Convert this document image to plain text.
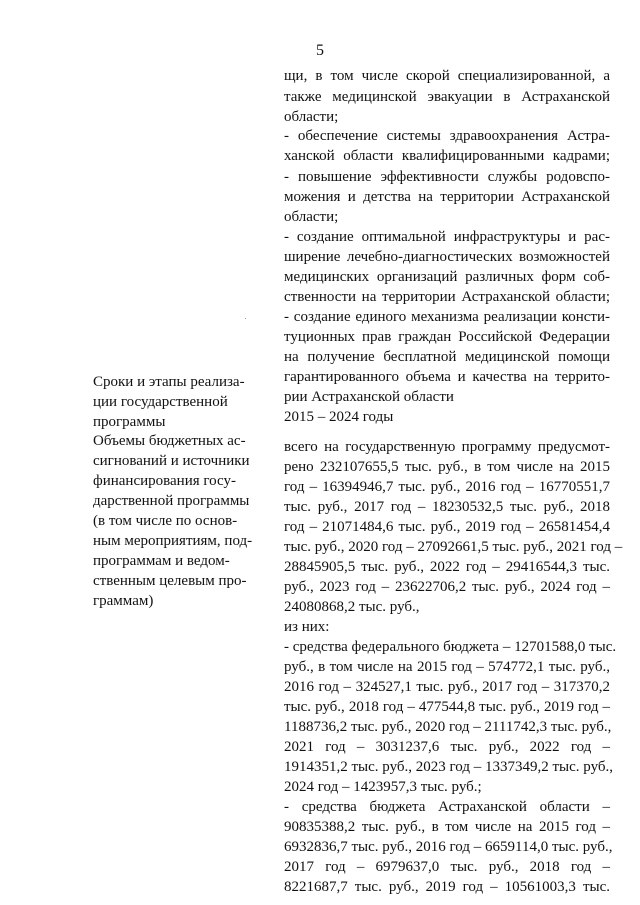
5
щи, в том числе скорой специализированной, а
также медицинской эвакуации в Астраханской
области;
- обеспечение системы здравоохранения Астра-
ханской области квалифицированными кадрами;
- повышение эффективности службы родовспо-
можения и детства на территории Астраханской
области;
- создание оптимальной инфраструктуры и рас-
ширение лечебно-диагностических возможностей
медицинских организаций различных форм соб-
ственности на территории Астраханской области;
- создание единого механизма реализации консти-
туционных прав граждан Российской Федерации
на получение бесплатной медицинской помощи
гарантированного объема и качества на террито-
рии Астраханской области
Сроки и этапы реализа-
ции государственной
программы	2015 – 2024 годы
Объемы бюджетных ас-
сигнований и источники
финансирования госу-
дарственной программы
(в том числе по основ-
ным мероприятиям, под-
программам и ведом-
ственным целевым про-
граммам)
всего на государственную программу предусмот-
рено 232107655,5 тыс. руб., в том числе на 2015
год – 16394946,7 тыс. руб., 2016 год – 16770551,7
тыс. руб., 2017 год – 18230532,5 тыс. руб., 2018
год – 21071484,6 тыс. руб., 2019 год – 26581454,4
тыс. руб., 2020 год – 27092661,5 тыс. руб., 2021 год –
28845905,5 тыс. руб., 2022 год – 29416544,3 тыс.
руб., 2023 год – 23622706,2 тыс. руб., 2024 год –
24080868,2 тыс. руб.,
из них:
- средства федерального бюджета – 12701588,0 тыс.
руб., в том числе на 2015 год – 574772,1 тыс. руб.,
2016 год – 324527,1 тыс. руб., 2017 год – 317370,2
тыс. руб., 2018 год – 477544,8 тыс. руб., 2019 год –
1188736,2 тыс. руб., 2020 год – 2111742,3 тыс. руб.,
2021 год – 3031237,6 тыс. руб., 2022 год –
1914351,2 тыс. руб., 2023 год – 1337349,2 тыс. руб.,
2024 год – 1423957,3 тыс. руб.;
- средства бюджета Астраханской области –
90835388,2 тыс. руб., в том числе на 2015 год –
6932836,7 тыс. руб., 2016 год – 6659114,0 тыс. руб.,
2017 год – 6979637,0 тыс. руб., 2018 год –
8221687,7 тыс. руб., 2019 год – 10561003,3 тыс.
